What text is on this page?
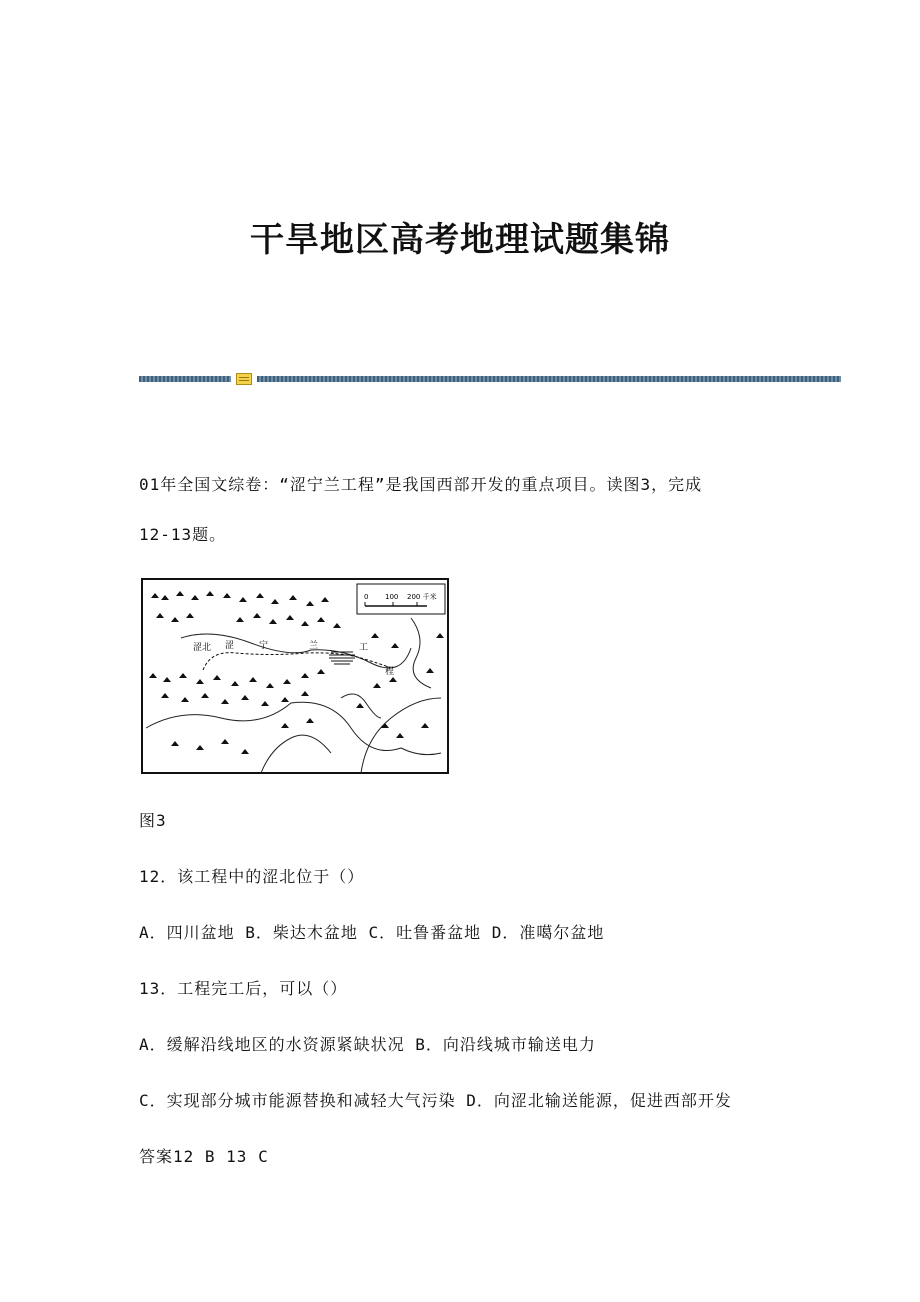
干旱地区高考地理试题集锦
01年全国文综卷：“涩宁兰工程”是我国西部开发的重点项目。读图3，完成
12-13题。
0 100 200 千米
涩北 涩	宁	兰	工
程
图3
12．该工程中的涩北位于（）
A．四川盆地 B．柴达木盆地 C．吐鲁番盆地 D．准噶尔盆地
13．工程完工后，可以（）
A．缓解沿线地区的水资源紧缺状况 B．向沿线城市输送电力
C．实现部分城市能源替换和减轻大气污染 D．向涩北输送能源，促进西部开发
答案12 B 13 C
